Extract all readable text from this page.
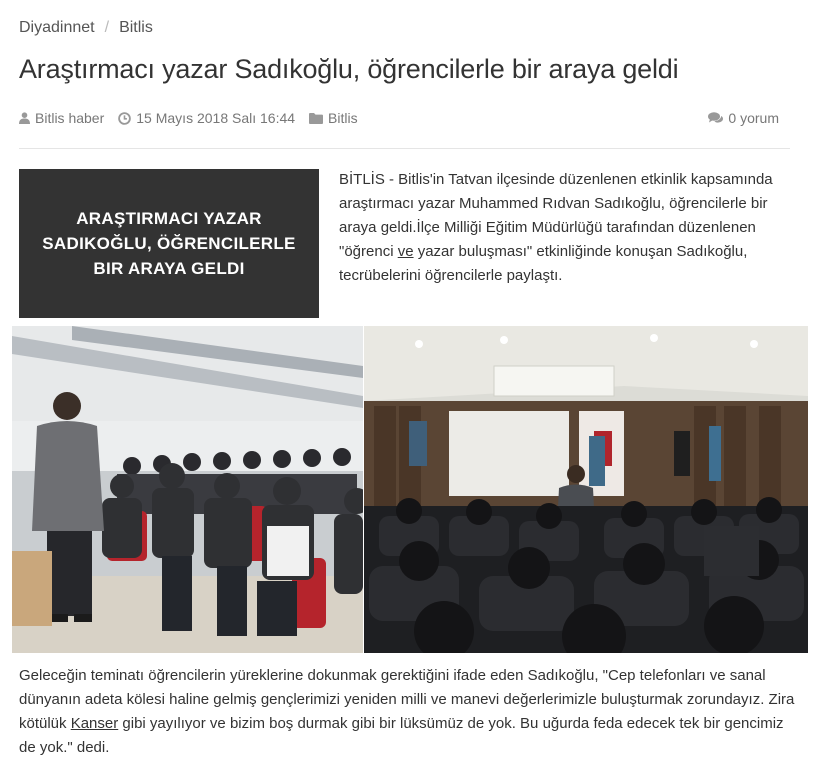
Diyadinnet / Bitlis
Araştırmacı yazar Sadıkoğlu, öğrencilerle bir araya geldi
Bitlis haber 15 Mayıs 2018 Salı 16:44 Bitlis	0 yorum
ARAŞTIRMACI YAZAR SADIKOĞLU, ÖĞRENCILERLE BIR ARAYA GELDI

BİTLİS - Bitlis'in Tatvan ilçesinde düzenlenen etkinlik kapsamında araştırmacı yazar Muhammed Rıdvan Sadıkoğlu, öğrencilerle bir araya geldi.İlçe Milliği Eğitim Müdürlüğü tarafından düzenlenen "öğrenci ve yazar buluşması" etkinliğinde konuşan Sadıkoğlu, tecrübelerini öğrencilerle paylaştı.

Geleceğin teminatı öğrencilerin yüreklerine dokunmak gerektiğini ifade eden Sadıkoğlu, "Cep telefonları ve sanal dünyanın adeta kölesi haline gelmiş gençlerimizi yeniden milli ve manevi değerlerimizle buluşturmak zorundayız. Zira kötülük Kanser gibi yayılıyor ve bizim boş durmak gibi bir lüksümüz de yok. Bu uğurda feda edecek tek bir gencimiz de yok." dedi.
